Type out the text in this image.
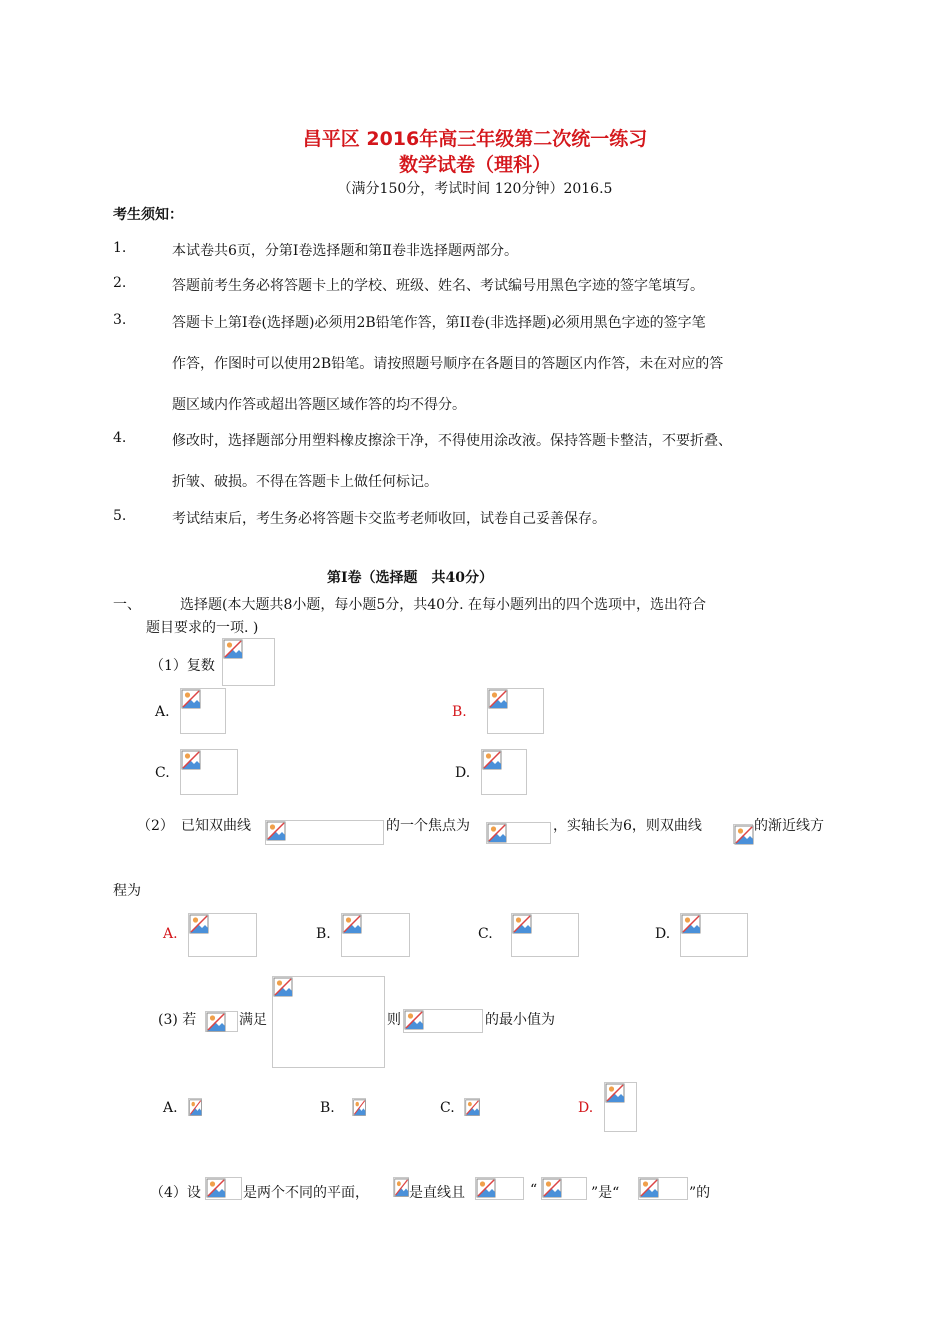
昌平区 2016年高三年级第二次统一练习
数学试卷（理科）
（满分150分，考试时间 120分钟）2016.5
考生须知：
1.	本试卷共6页，分第Ⅰ卷选择题和第Ⅱ卷非选择题两部分。
2.	答题前考生务必将答题卡上的学校、班级、姓名、考试编号用黑色字迹的签字笔填写。
3.	答题卡上第Ⅰ卷(选择题)必须用2B铅笔作答，第II卷(非选择题)必须用黑色字迹的签字笔
作答，作图时可以使用2B铅笔。请按照题号顺序在各题目的答题区内作答，未在对应的答
题区域内作答或超出答题区域作答的均不得分。
4.	修改时，选择题部分用塑料橡皮擦涂干净，不得使用涂改液。保持答题卡整洁，不要折叠、
折皱、破损。不得在答题卡上做任何标记。
5.	考试结束后，考生务必将答题卡交监考老师收回，试卷自己妥善保存。
第Ⅰ卷（选择题　共40分）
一、	选择题(本大题共8小题，每小题5分，共40分. 在每小题列出的四个选项中，选出符合
题目要求的一项. )
（1）复数
A.	B.
C.	D.
（2） 已知双曲线	的一个焦点为	，实轴长为6，则双曲线	的渐近线方
程为
A.	B.	C.	D.
(3) 若	满足	则	的最小值为
A.	B.	C.	D.
（4）设	是两个不同的平面，	是直线且	“	”是“	”的
